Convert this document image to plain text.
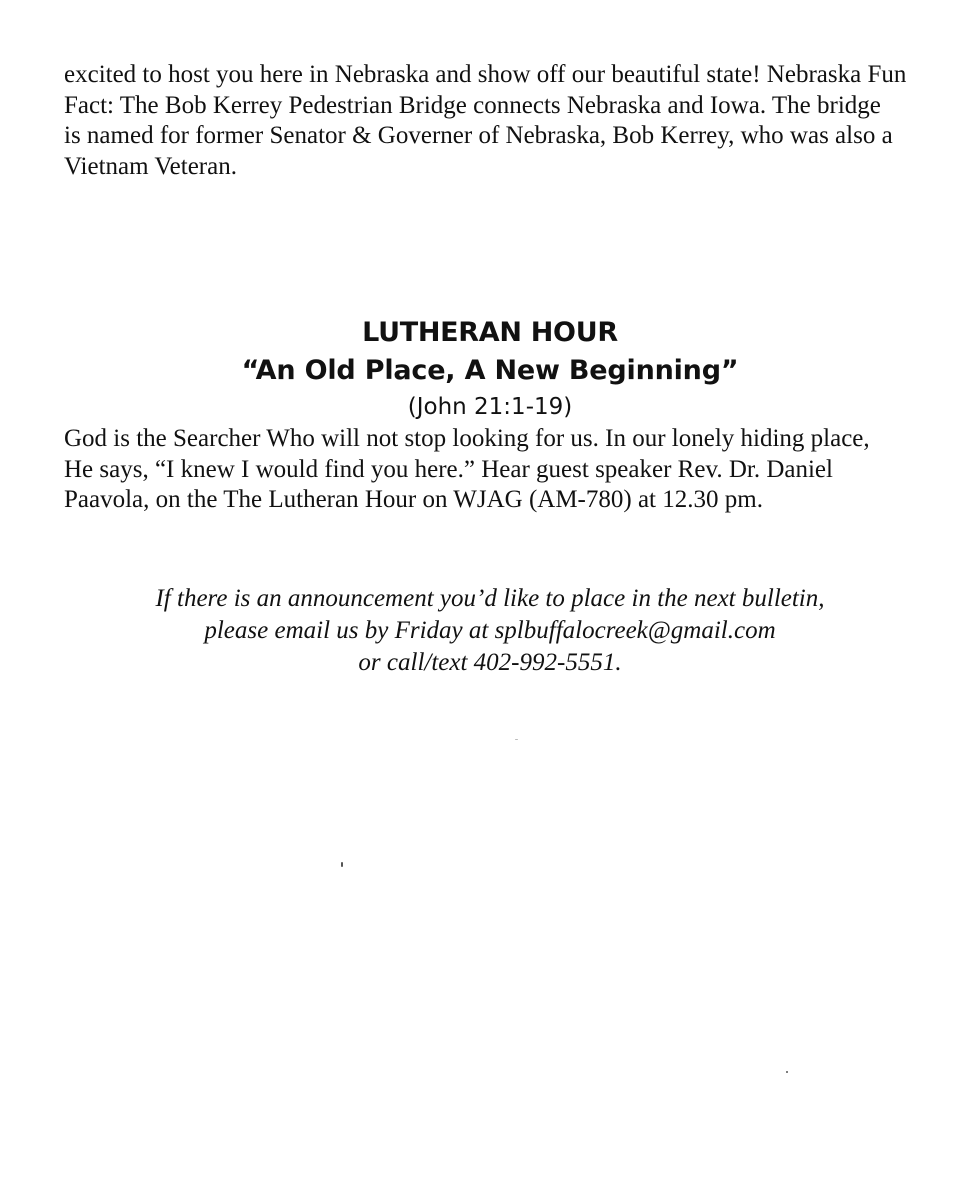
excited to host you here in Nebraska and show off our beautiful state! Nebraska Fun
Fact: The Bob Kerrey Pedestrian Bridge connects Nebraska and Iowa. The bridge
is named for former Senator & Governer of Nebraska, Bob Kerrey, who was also a
Vietnam Veteran.

LUTHERAN HOUR
“An Old Place, A New Beginning”
(John 21:1-19)

God is the Searcher Who will not stop looking for us. In our lonely hiding place,
He says, “I knew I would find you here.” Hear guest speaker Rev. Dr. Daniel
Paavola, on the The Lutheran Hour on WJAG (AM-780) at 12.30 pm.

If there is an announcement you’d like to place in the next bulletin,
please email us by Friday at splbuffalocreek@gmail.com
or call/text 402-992-5551.
